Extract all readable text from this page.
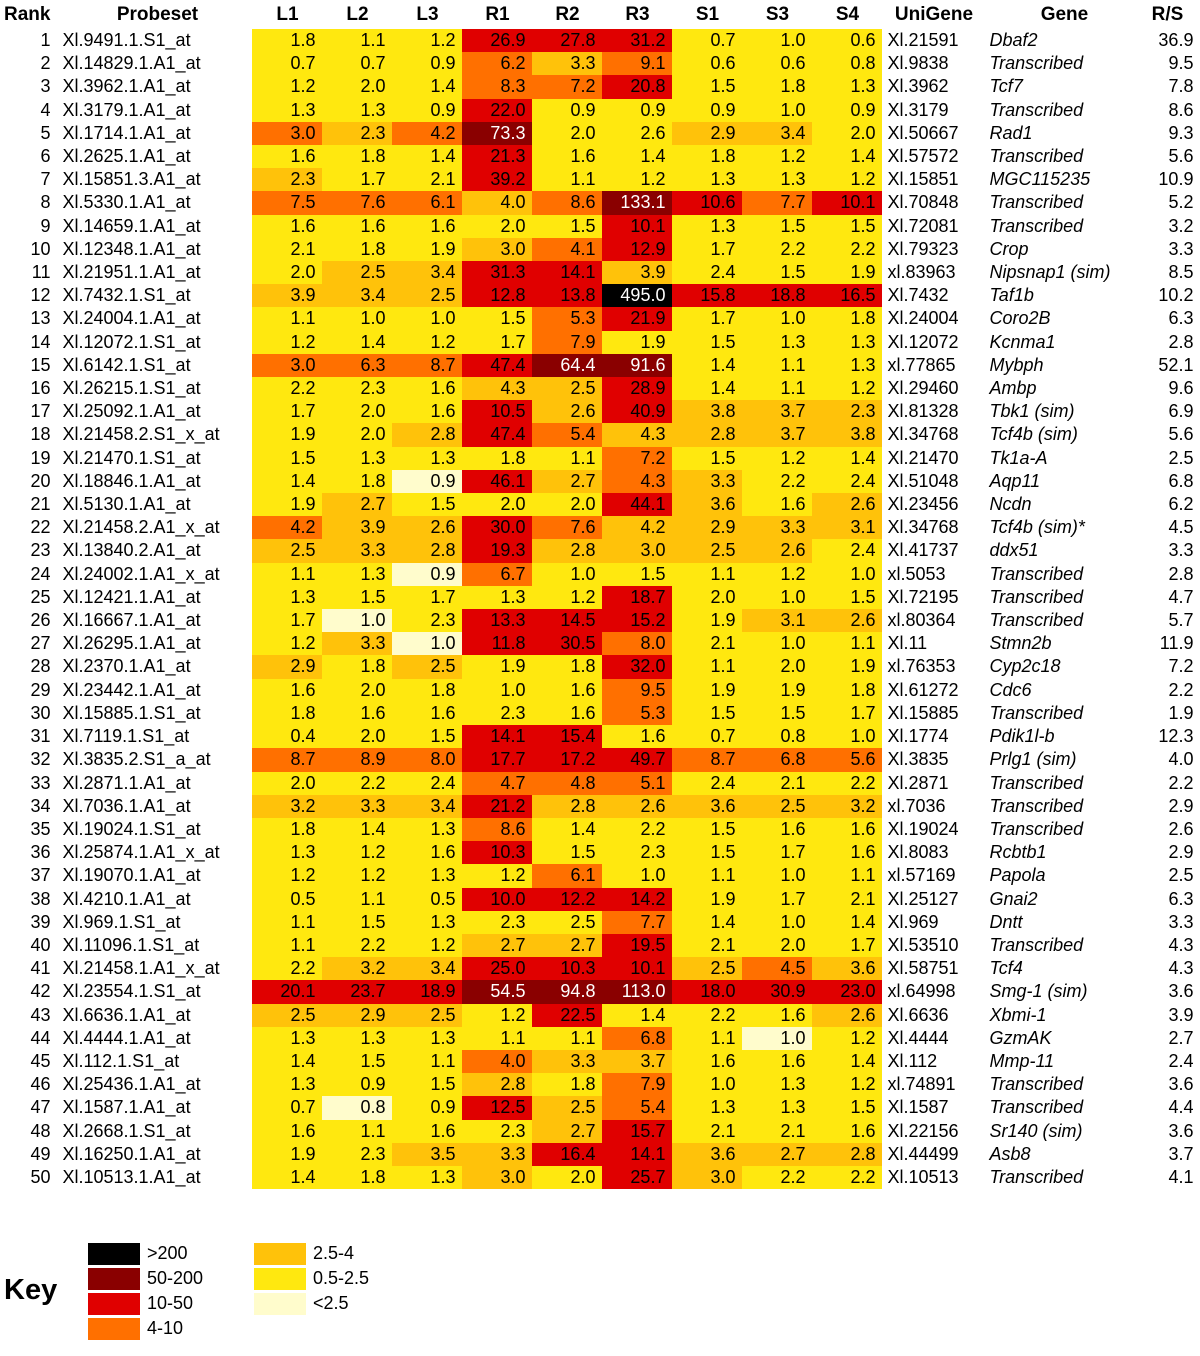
Rank	Probeset	L1	L2	L3	R1	R2	R3	S1	S3	S4	UniGene	Gene	R/S
1	Xl.9491.1.S1_at	1.8	1.1	1.2	26.9	27.8	31.2	0.7	1.0	0.6	Xl.21591	Dbaf2	36.9
2	Xl.14829.1.A1_at	0.7	0.7	0.9	6.2	3.3	9.1	0.6	0.6	0.8	Xl.9838	Transcribed	9.5
3	Xl.3962.1.A1_at	1.2	2.0	1.4	8.3	7.2	20.8	1.5	1.8	1.3	Xl.3962	Tcf7	7.8
4	Xl.3179.1.A1_at	1.3	1.3	0.9	22.0	0.9	0.9	0.9	1.0	0.9	Xl.3179	Transcribed	8.6
5	Xl.1714.1.A1_at	3.0	2.3	4.2	73.3	2.0	2.6	2.9	3.4	2.0	Xl.50667	Rad1	9.3
6	Xl.2625.1.A1_at	1.6	1.8	1.4	21.3	1.6	1.4	1.8	1.2	1.4	Xl.57572	Transcribed	5.6
7	Xl.15851.3.A1_at	2.3	1.7	2.1	39.2	1.1	1.2	1.3	1.3	1.2	Xl.15851	MGC115235	10.9
8	Xl.5330.1.A1_at	7.5	7.6	6.1	4.0	8.6	133.1	10.6	7.7	10.1	Xl.70848	Transcribed	5.2
9	Xl.14659.1.A1_at	1.6	1.6	1.6	2.0	1.5	10.1	1.3	1.5	1.5	Xl.72081	Transcribed	3.2
10	Xl.12348.1.A1_at	2.1	1.8	1.9	3.0	4.1	12.9	1.7	2.2	2.2	Xl.79323	Crop	3.3
11	Xl.21951.1.A1_at	2.0	2.5	3.4	31.3	14.1	3.9	2.4	1.5	1.9	xl.83963	Nipsnap1 (sim)	8.5
12	Xl.7432.1.S1_at	3.9	3.4	2.5	12.8	13.8	495.0	15.8	18.8	16.5	Xl.7432	Taf1b	10.2
13	Xl.24004.1.A1_at	1.1	1.0	1.0	1.5	5.3	21.9	1.7	1.0	1.8	Xl.24004	Coro2B	6.3
14	Xl.12072.1.S1_at	1.2	1.4	1.2	1.7	7.9	1.9	1.5	1.3	1.3	Xl.12072	Kcnma1	2.8
15	Xl.6142.1.S1_at	3.0	6.3	8.7	47.4	64.4	91.6	1.4	1.1	1.3	xl.77865	Mybph	52.1
16	Xl.26215.1.S1_at	2.2	2.3	1.6	4.3	2.5	28.9	1.4	1.1	1.2	Xl.29460	Ambp	9.6
17	Xl.25092.1.A1_at	1.7	2.0	1.6	10.5	2.6	40.9	3.8	3.7	2.3	Xl.81328	Tbk1 (sim)	6.9
18	Xl.21458.2.S1_x_at	1.9	2.0	2.8	47.4	5.4	4.3	2.8	3.7	3.8	Xl.34768	Tcf4b (sim)	5.6
19	Xl.21470.1.S1_at	1.5	1.3	1.3	1.8	1.1	7.2	1.5	1.2	1.4	Xl.21470	Tk1a-A	2.5
20	Xl.18846.1.A1_at	1.4	1.8	0.9	46.1	2.7	4.3	3.3	2.2	2.4	Xl.51048	Aqp11	6.8
21	Xl.5130.1.A1_at	1.9	2.7	1.5	2.0	2.0	44.1	3.6	1.6	2.6	Xl.23456	Ncdn	6.2
22	Xl.21458.2.A1_x_at	4.2	3.9	2.6	30.0	7.6	4.2	2.9	3.3	3.1	Xl.34768	Tcf4b (sim)*	4.5
23	Xl.13840.2.A1_at	2.5	3.3	2.8	19.3	2.8	3.0	2.5	2.6	2.4	Xl.41737	ddx51	3.3
24	Xl.24002.1.A1_x_at	1.1	1.3	0.9	6.7	1.0	1.5	1.1	1.2	1.0	xl.5053	Transcribed	2.8
25	Xl.12421.1.A1_at	1.3	1.5	1.7	1.3	1.2	18.7	2.0	1.0	1.5	Xl.72195	Transcribed	4.7
26	Xl.16667.1.A1_at	1.7	1.0	2.3	13.3	14.5	15.2	1.9	3.1	2.6	xl.80364	Transcribed	5.7
27	Xl.26295.1.A1_at	1.2	3.3	1.0	11.8	30.5	8.0	2.1	1.0	1.1	Xl.11	Stmn2b	11.9
28	Xl.2370.1.A1_at	2.9	1.8	2.5	1.9	1.8	32.0	1.1	2.0	1.9	xl.76353	Cyp2c18	7.2
29	Xl.23442.1.A1_at	1.6	2.0	1.8	1.0	1.6	9.5	1.9	1.9	1.8	Xl.61272	Cdc6	2.2
30	Xl.15885.1.S1_at	1.8	1.6	1.6	2.3	1.6	5.3	1.5	1.5	1.7	Xl.15885	Transcribed	1.9
31	Xl.7119.1.S1_at	0.4	2.0	1.5	14.1	15.4	1.6	0.7	0.8	1.0	Xl.1774	Pdik1l-b	12.3
32	Xl.3835.2.S1_a_at	8.7	8.9	8.0	17.7	17.2	49.7	8.7	6.8	5.6	Xl.3835	Prlg1 (sim)	4.0
33	Xl.2871.1.A1_at	2.0	2.2	2.4	4.7	4.8	5.1	2.4	2.1	2.2	Xl.2871	Transcribed	2.2
34	Xl.7036.1.A1_at	3.2	3.3	3.4	21.2	2.8	2.6	3.6	2.5	3.2	xl.7036	Transcribed	2.9
35	Xl.19024.1.S1_at	1.8	1.4	1.3	8.6	1.4	2.2	1.5	1.6	1.6	Xl.19024	Transcribed	2.6
36	Xl.25874.1.A1_x_at	1.3	1.2	1.6	10.3	1.5	2.3	1.5	1.7	1.6	Xl.8083	Rcbtb1	2.9
37	Xl.19070.1.A1_at	1.2	1.2	1.3	1.2	6.1	1.0	1.1	1.0	1.1	xl.57169	Papola	2.5
38	Xl.4210.1.A1_at	0.5	1.1	0.5	10.0	12.2	14.2	1.9	1.7	2.1	Xl.25127	Gnai2	6.3
39	Xl.969.1.S1_at	1.1	1.5	1.3	2.3	2.5	7.7	1.4	1.0	1.4	Xl.969	Dntt	3.3
40	Xl.11096.1.S1_at	1.1	2.2	1.2	2.7	2.7	19.5	2.1	2.0	1.7	Xl.53510	Transcribed	4.3
41	Xl.21458.1.A1_x_at	2.2	3.2	3.4	25.0	10.3	10.1	2.5	4.5	3.6	Xl.58751	Tcf4	4.3
42	Xl.23554.1.S1_at	20.1	23.7	18.9	54.5	94.8	113.0	18.0	30.9	23.0	xl.64998	Smg-1 (sim)	3.6
43	Xl.6636.1.A1_at	2.5	2.9	2.5	1.2	22.5	1.4	2.2	1.6	2.6	Xl.6636	Xbmi-1	3.9
44	Xl.4444.1.A1_at	1.3	1.3	1.3	1.1	1.1	6.8	1.1	1.0	1.2	Xl.4444	GzmAK	2.7
45	Xl.112.1.S1_at	1.4	1.5	1.1	4.0	3.3	3.7	1.6	1.6	1.4	Xl.112	Mmp-11	2.4
46	Xl.25436.1.A1_at	1.3	0.9	1.5	2.8	1.8	7.9	1.0	1.3	1.2	xl.74891	Transcribed	3.6
47	Xl.1587.1.A1_at	0.7	0.8	0.9	12.5	2.5	5.4	1.3	1.3	1.5	Xl.1587	Transcribed	4.4
48	Xl.2668.1.S1_at	1.6	1.1	1.6	2.3	2.7	15.7	2.1	2.1	1.6	Xl.22156	Sr140 (sim)	3.6
49	Xl.16250.1.A1_at	1.9	2.3	3.5	3.3	16.4	14.1	3.6	2.7	2.8	Xl.44499	Asb8	3.7
50	Xl.10513.1.A1_at	1.4	1.8	1.3	3.0	2.0	25.7	3.0	2.2	2.2	Xl.10513	Transcribed	4.1
Key
>200
50-200
10-50
4-10
2.5-4
0.5-2.5
<2.5
